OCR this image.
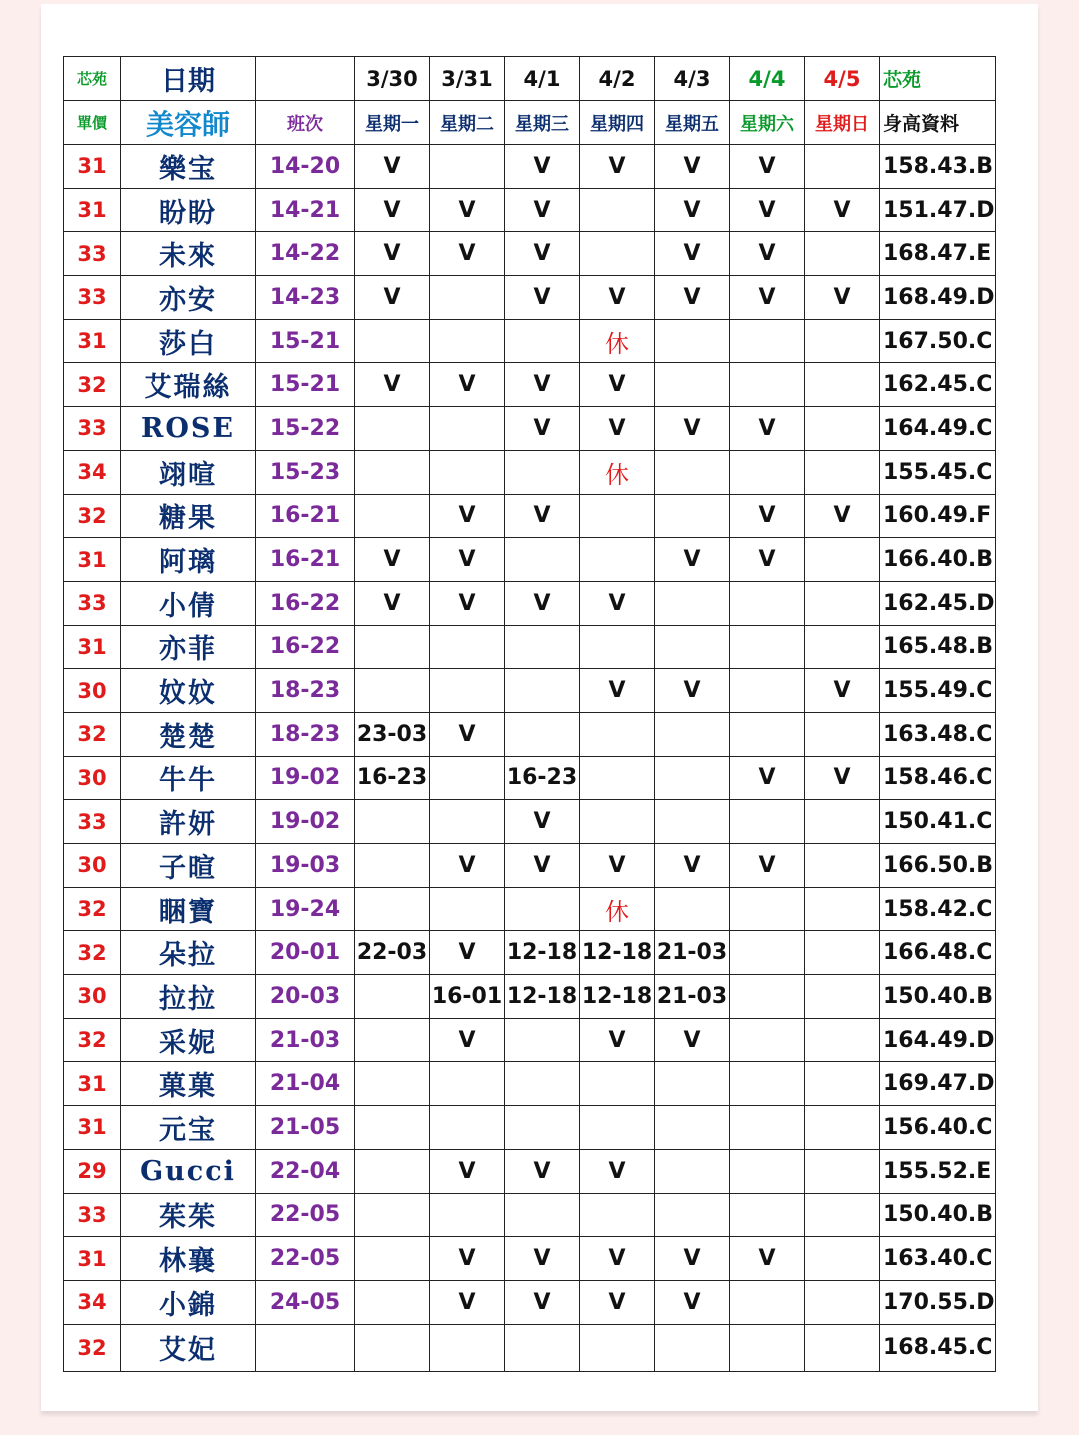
芯苑	日期		3/30	3/31	4/1	4/2	4/3	4/4	4/5	芯苑
單價	美容師	班次	星期一	星期二	星期三	星期四	星期五	星期六	星期日	身高資料
31	樂宝	14-20	V		V	V	V	V		158.43.B
31	盼盼	14-21	V	V	V		V	V	V	151.47.D
33	未來	14-22	V	V	V		V	V		168.47.E
33	亦安	14-23	V		V	V	V	V	V	168.49.D
31	莎白	15-21				休				167.50.C
32	艾瑞絲	15-21	V	V	V	V				162.45.C
33	ROSE	15-22			V	V	V	V		164.49.C
34	翊喧	15-23				休				155.45.C
32	糖果	16-21		V	V			V	V	160.49.F
31	阿璃	16-21	V	V			V	V		166.40.B
33	小倩	16-22	V	V	V	V				162.45.D
31	亦菲	16-22								165.48.B
30	妏妏	18-23				V	V		V	155.49.C
32	楚楚	18-23	23-03	V						163.48.C
30	牛牛	19-02	16-23		16-23			V	V	158.46.C
33	許妍	19-02			V					150.41.C
30	子暄	19-03		V	V	V	V	V		166.50.B
32	睏寶	19-24				休				158.42.C
32	朵拉	20-01	22-03	V	12-18	12-18	21-03			166.48.C
30	拉拉	20-03		16-01	12-18	12-18	21-03			150.40.B
32	采妮	21-03		V		V	V			164.49.D
31	菓菓	21-04								169.47.D
31	元宝	21-05								156.40.C
29	Gucci	22-04		V	V	V				155.52.E
33	茱茱	22-05								150.40.B
31	林襄	22-05		V	V	V	V	V		163.40.C
34	小錦	24-05		V	V	V	V			170.55.D
32	艾妃									168.45.C
